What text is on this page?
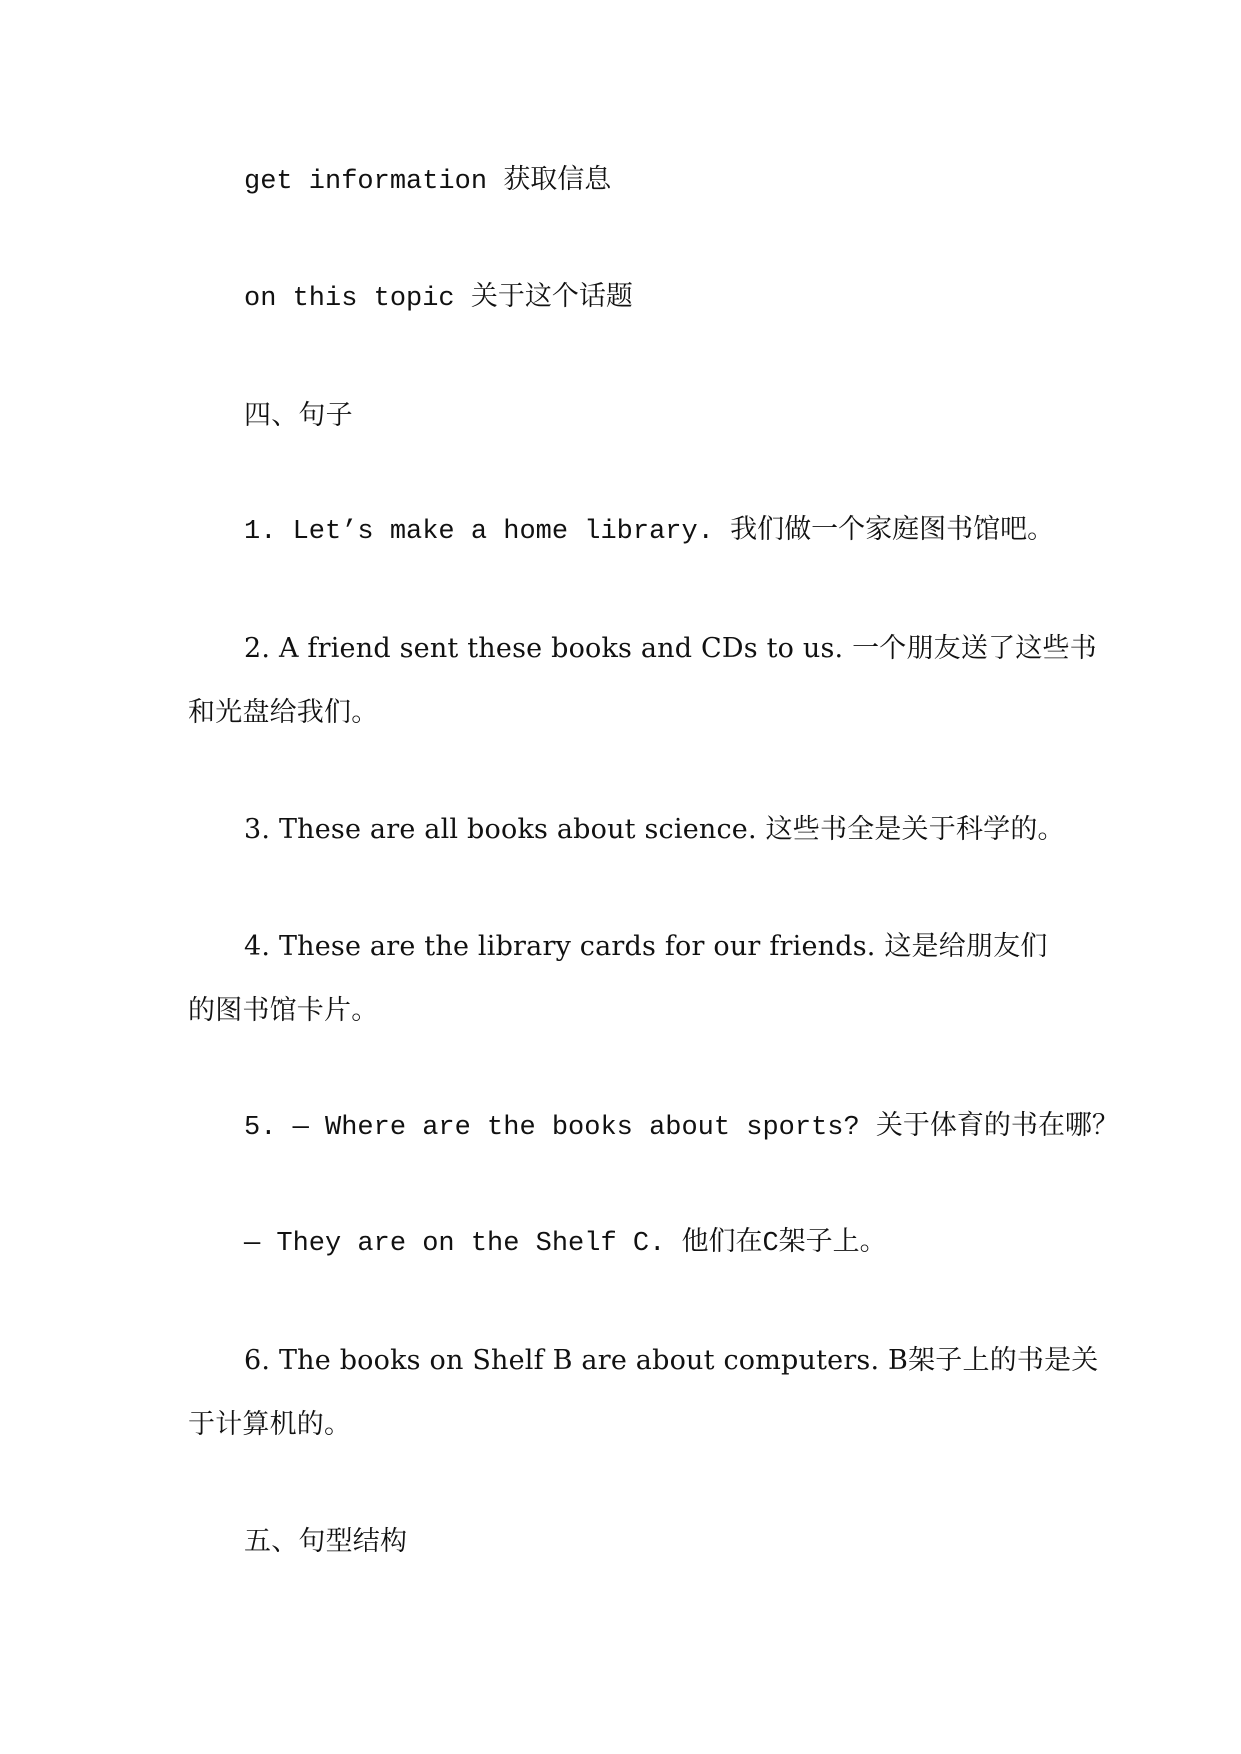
get information 获取信息
on this topic 关于这个话题
四、句子
1. Let’s make a home library. 我们做一个家庭图书馆吧。
2. A friend sent these books and CDs to us. 一个朋友送了这些书
和光盘给我们。
3. These are all books about science. 这些书全是关于科学的。
4. These are the library cards for our friends. 这是给朋友们
的图书馆卡片。
5. — Where are the books about sports? 关于体育的书在哪？
— They are on the Shelf C. 他们在C架子上。
6. The books on Shelf B are about computers. B架子上的书是关
于计算机的。
五、句型结构
